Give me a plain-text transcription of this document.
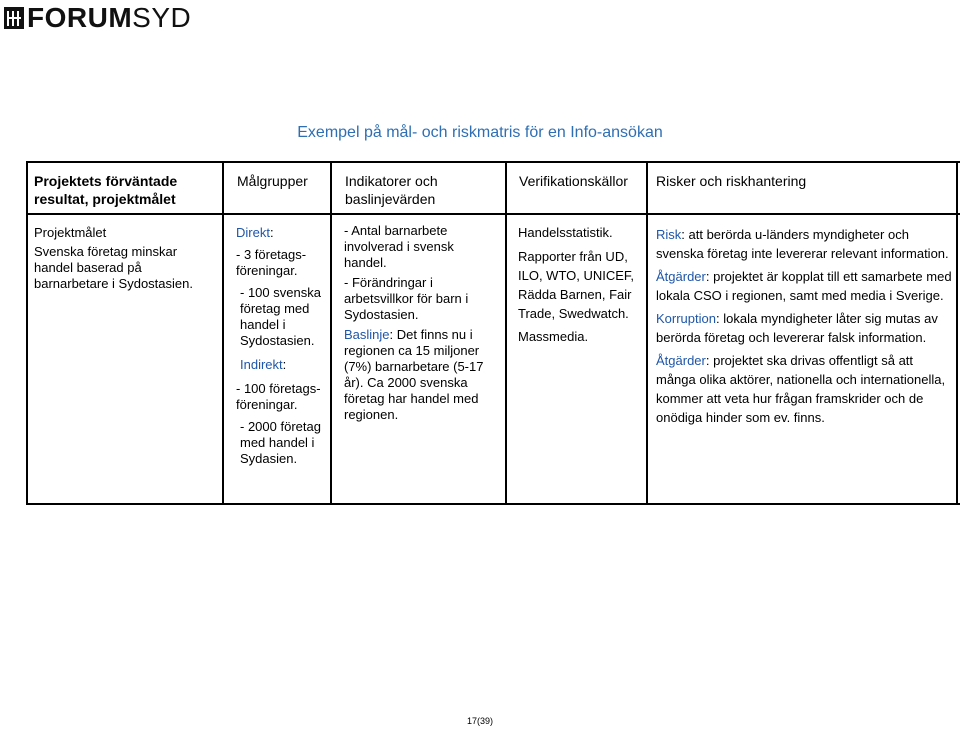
FORUM SYD
Exempel på mål- och riskmatris för en Info-ansökan
Projektets förväntade resultat, projektmålet
Målgrupper	Indikatorer och baslinjevärden
Verifikationskällor	Risker och riskhantering

Projektmålet

Svenska företag minskar handel baserad på barnarbetare i Sydostasien.

Direkt:

- 3 företags-föreningar.

- 100 svenska företag med handel i Sydostasien.

Indirekt:

- 100 företags-föreningar.

- 2000 företag med handel i Sydasien.

- Antal barnarbete involverad i svensk handel.

- Förändringar i arbetsvillkor för barn i Sydostasien.

Baslinje: Det finns nu i regionen ca 15 miljoner (7%) barnarbetare (5-17 år). Ca 2000 svenska företag har handel med regionen.

Handelsstatistik.

Rapporter från UD, ILO, WTO, UNICEF, Rädda Barnen, Fair Trade, Swedwatch.

Massmedia.

Risk: att berörda u-länders myndigheter och svenska företag inte levererar relevant information.

Åtgärder: projektet är kopplat till ett samarbete med lokala CSO i regionen, samt med media i Sverige.

Korruption: lokala myndigheter låter sig mutas av berörda företag och levererar falsk information.

Åtgärder: projektet ska drivas offentligt så att många olika aktörer, nationella och internationella, kommer att veta hur frågan framskrider och de onödiga hinder som ev. finns.

17(39)
